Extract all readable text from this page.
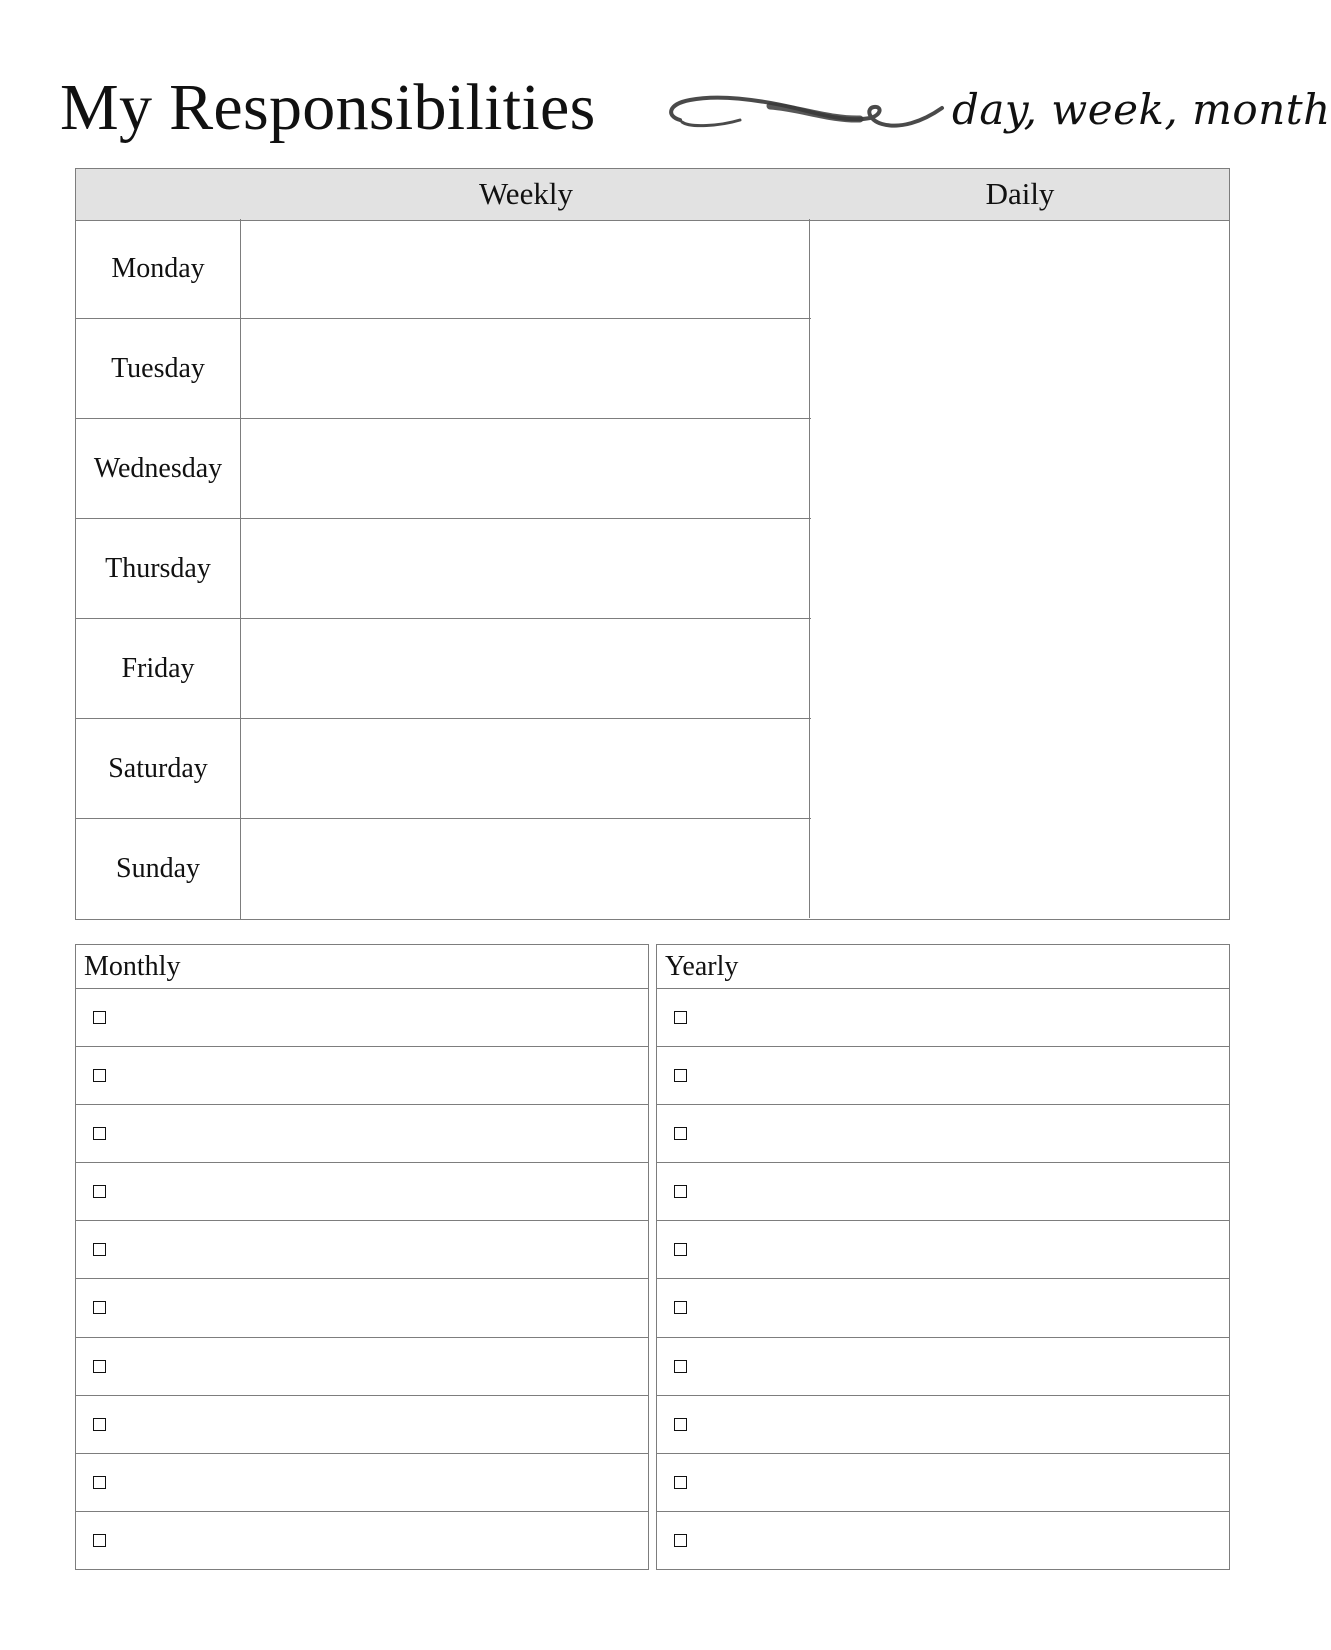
My Responsibilities	day, week, month
Weekly	Daily
Monday
Tuesday
Wednesday
Thursday
Friday
Saturday
Sunday
Monthly	Yearly
